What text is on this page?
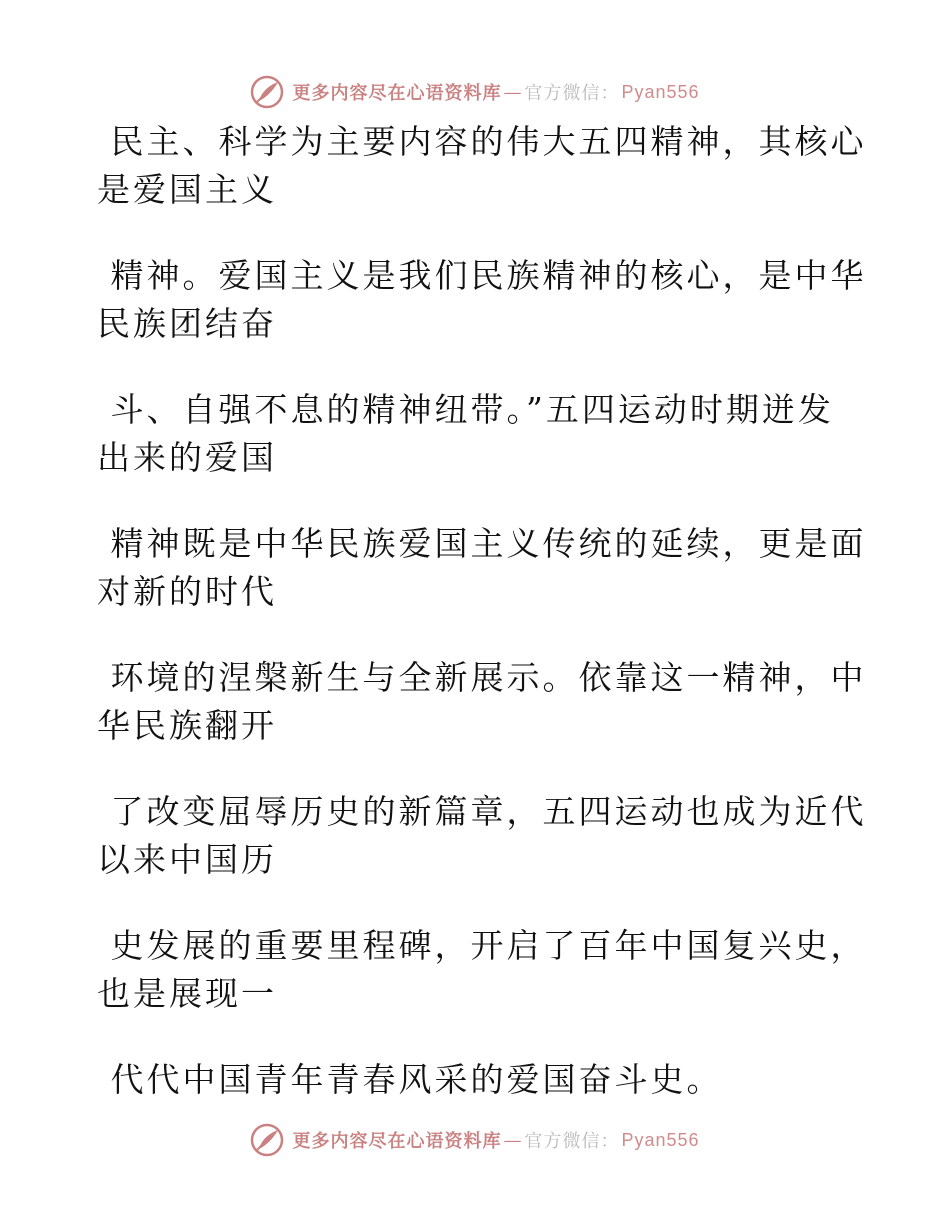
更多内容尽在心语资料库 — 官方微信： Pyan556

民主、科学为主要内容的伟大五四精神，其核心
是爱国主义

精神。爱国主义是我们民族精神的核心，是中华
民族团结奋

斗、自强不息的精神纽带。”五四运动时期迸发
出来的爱国

精神既是中华民族爱国主义传统的延续，更是面
对新的时代

环境的涅槃新生与全新展示。依靠这一精神，中
华民族翻开

了改变屈辱历史的新篇章，五四运动也成为近代
以来中国历

史发展的重要里程碑，开启了百年中国复兴史，
也是展现一

代代中国青年青春风采的爱国奋斗史。

更多内容尽在心语资料库 — 官方微信： Pyan556
